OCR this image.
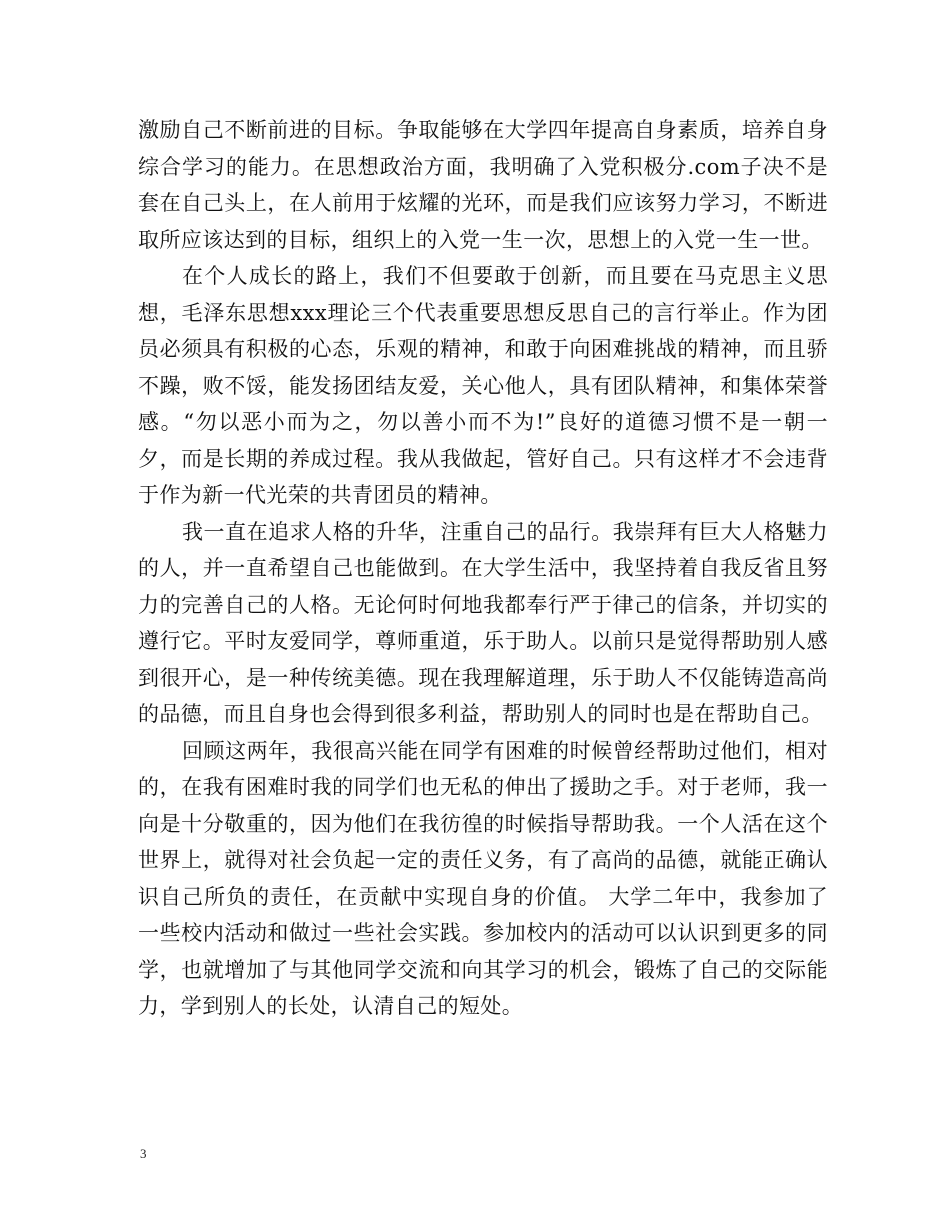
激励自己不断前进的目标。争取能够在大学四年提高自身素质，培养自身综合学习的能力。在思想政治方面，我明确了入党积极分.com子决不是套在自己头上，在人前用于炫耀的光环，而是我们应该努力学习，不断进取所应该达到的目标，组织上的入党一生一次，思想上的入党一生一世。

在个人成长的路上，我们不但要敢于创新，而且要在马克思主义思想，毛泽东思想xxx理论三个代表重要思想反思自己的言行举止。作为团员必须具有积极的心态，乐观的精神，和敢于向困难挑战的精神，而且骄不躁，败不馁，能发扬团结友爱，关心他人，具有团队精神，和集体荣誉感。“勿以恶小而为之，勿以善小而不为!”良好的道德习惯不是一朝一夕，而是长期的养成过程。我从我做起，管好自己。只有这样才不会违背于作为新一代光荣的共青团员的精神。

我一直在追求人格的升华，注重自己的品行。我崇拜有巨大人格魅力的人，并一直希望自己也能做到。在大学生活中，我坚持着自我反省且努力的完善自己的人格。无论何时何地我都奉行严于律己的信条，并切实的遵行它。平时友爱同学，尊师重道，乐于助人。以前只是觉得帮助别人感到很开心，是一种传统美德。现在我理解道理，乐于助人不仅能铸造高尚的品德，而且自身也会得到很多利益，帮助别人的同时也是在帮助自己。

回顾这两年，我很高兴能在同学有困难的时候曾经帮助过他们，相对的，在我有困难时我的同学们也无私的伸出了援助之手。对于老师，我一向是十分敬重的，因为他们在我彷徨的时候指导帮助我。一个人活在这个世界上，就得对社会负起一定的责任义务，有了高尚的品德，就能正确认识自己所负的责任，在贡献中实现自身的价值。 大学二年中，我参加了一些校内活动和做过一些社会实践。参加校内的活动可以认识到更多的同学，也就增加了与其他同学交流和向其学习的机会，锻炼了自己的交际能力，学到别人的长处，认清自己的短处。

3
